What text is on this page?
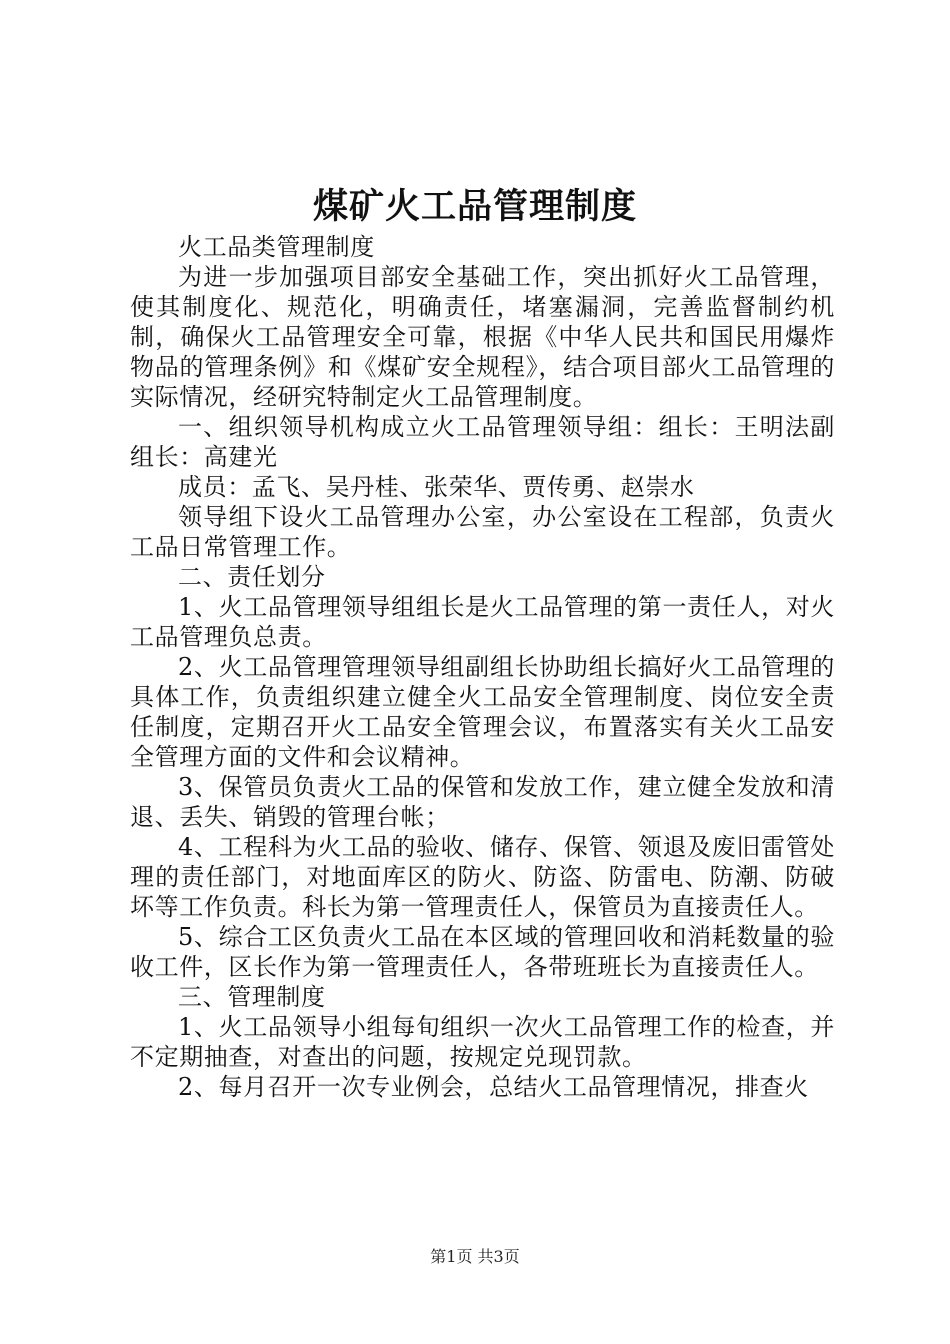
煤矿火工品管理制度

火工品类管理制度

为进一步加强项目部安全基础工作，突出抓好火工品管理，使其制度化、规范化，明确责任，堵塞漏洞，完善监督制约机制，确保火工品管理安全可靠，根据《中华人民共和国民用爆炸物品的管理条例》和《煤矿安全规程》，结合项目部火工品管理的实际情况，经研究特制定火工品管理制度。

一、组织领导机构成立火工品管理领导组：组长：王明法副组长：高建光

成员：孟飞、吴丹桂、张荣华、贾传勇、赵崇水

领导组下设火工品管理办公室，办公室设在工程部，负责火工品日常管理工作。

二、责任划分

1、火工品管理领导组组长是火工品管理的第一责任人，对火工品管理负总责。

2、火工品管理管理领导组副组长协助组长搞好火工品管理的具体工作，负责组织建立健全火工品安全管理制度、岗位安全责任制度，定期召开火工品安全管理会议，布置落实有关火工品安全管理方面的文件和会议精神。

3、保管员负责火工品的保管和发放工作，建立健全发放和清退、丢失、销毁的管理台帐；

4、工程科为火工品的验收、储存、保管、领退及废旧雷管处理的责任部门，对地面库区的防火、防盗、防雷电、防潮、防破坏等工作负责。科长为第一管理责任人，保管员为直接责任人。

5、综合工区负责火工品在本区域的管理回收和消耗数量的验收工件，区长作为第一管理责任人，各带班班长为直接责任人。

三、管理制度

1、火工品领导小组每旬组织一次火工品管理工作的检查，并不定期抽查，对查出的问题，按规定兑现罚款。

2、每月召开一次专业例会，总结火工品管理情况，排查火

第1页 共3页
